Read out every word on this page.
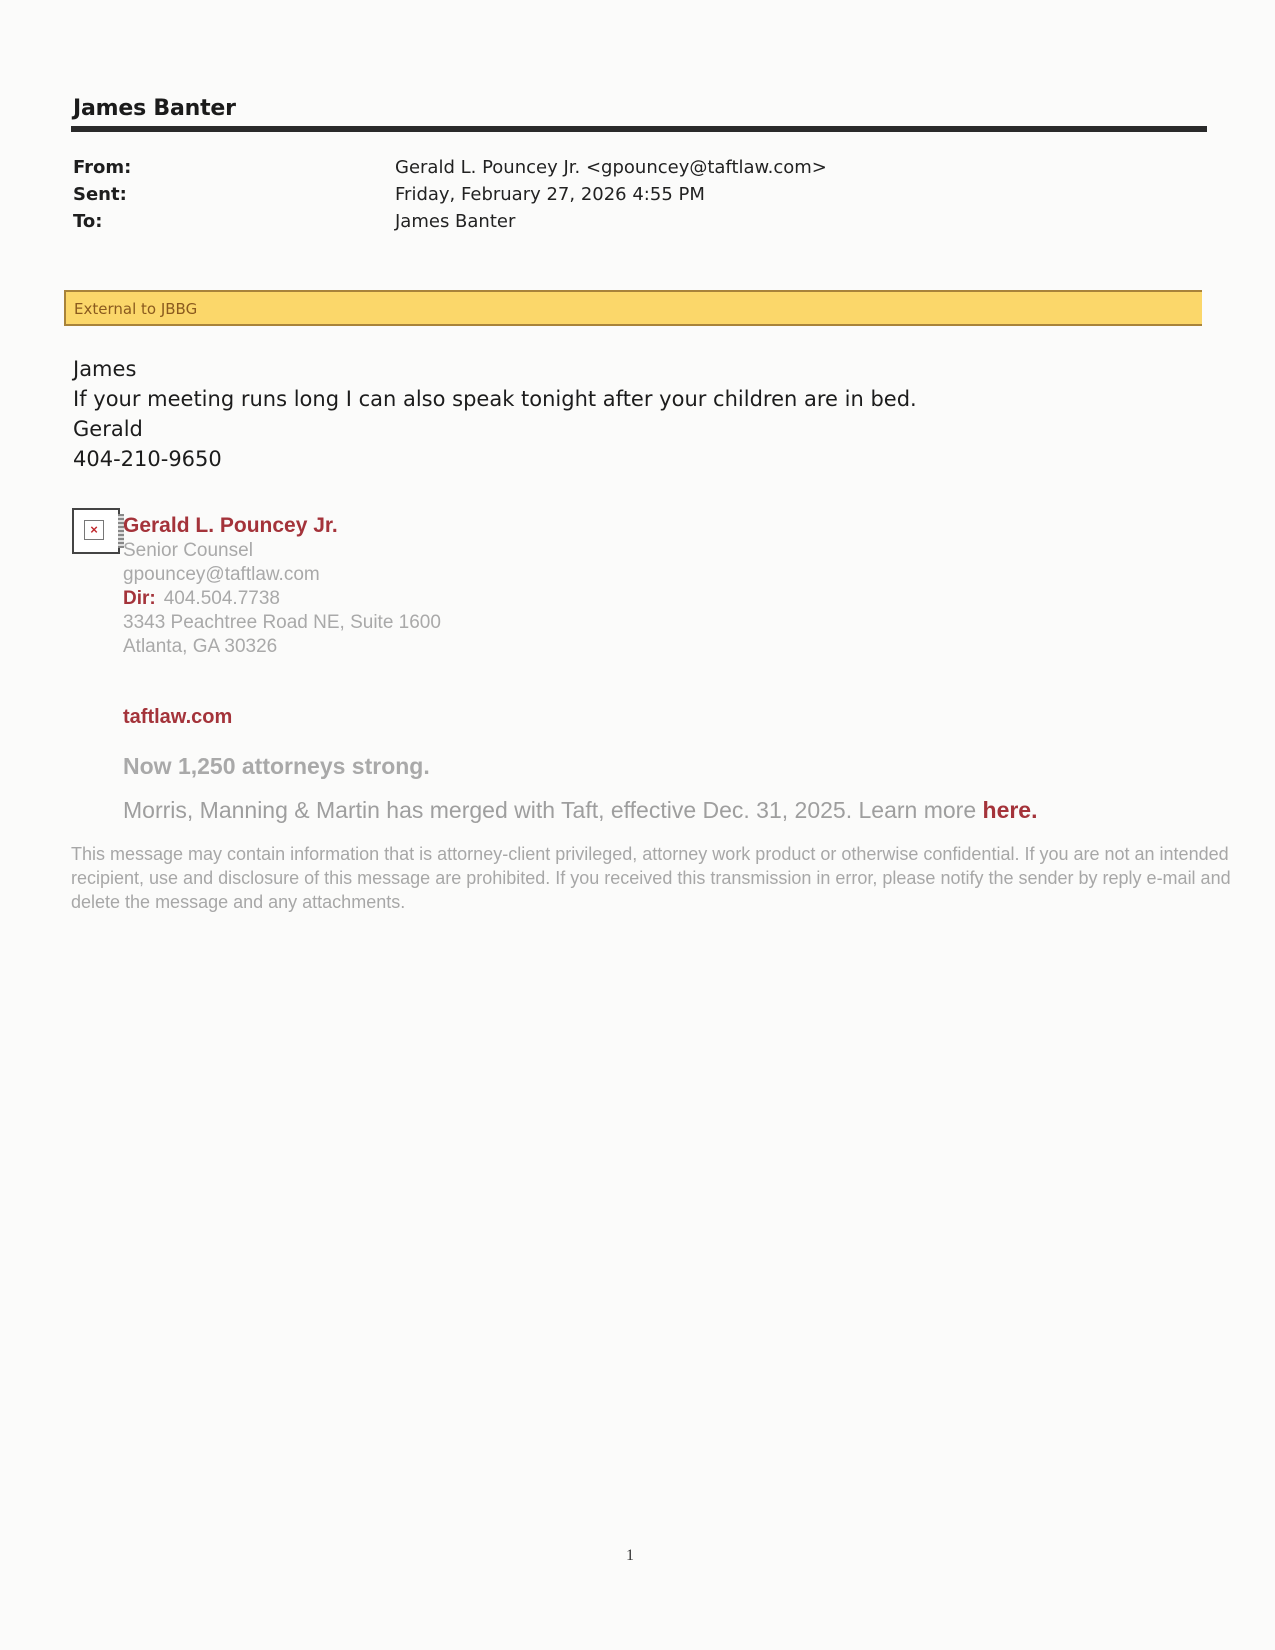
James Banter
From:	Gerald L. Pouncey Jr. <gpouncey@taftlaw.com>
Sent:	Friday, February 27, 2026 4:55 PM
To:	James Banter
External to JBBG
James
If your meeting runs long I can also speak tonight after your children are in bed.
Gerald
404-210-9650
× Gerald L. Pouncey Jr.
Senior Counsel
gpouncey@taftlaw.com
Dir: 404.504.7738
3343 Peachtree Road NE, Suite 1600
Atlanta, GA 30326
taftlaw.com
Now 1,250 attorneys strong.
Morris, Manning & Martin has merged with Taft, effective Dec. 31, 2025. Learn more here.
This message may contain information that is attorney-client privileged, attorney work product or otherwise confidential. If you are not an intended recipient, use and disclosure of this message are prohibited. If you received this transmission in error, please notify the sender by reply e-mail and delete the message and any attachments.
1
